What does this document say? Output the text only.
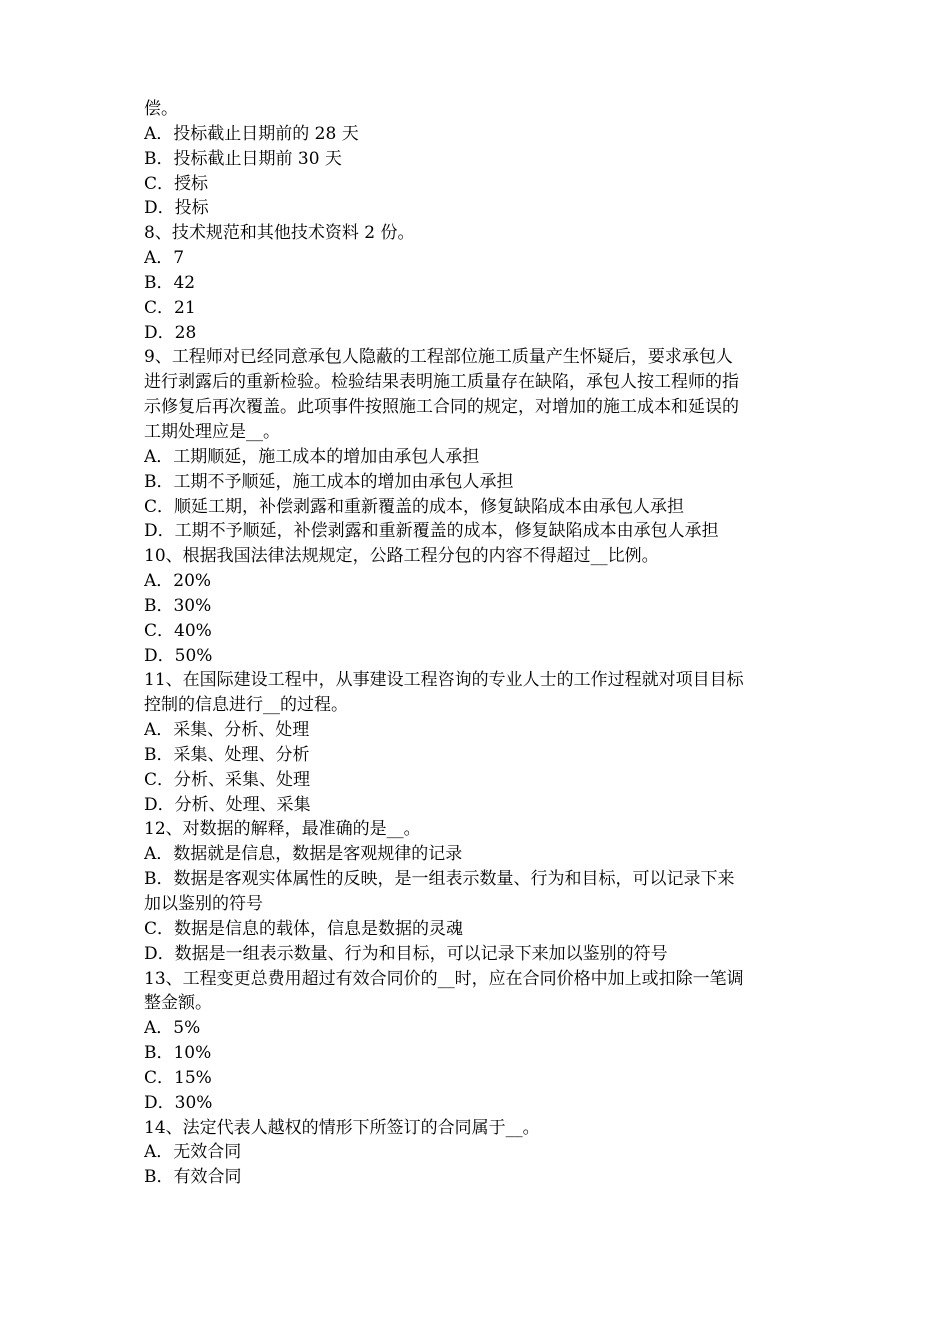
偿。
A．投标截止日期前的 28 天
B．投标截止日期前 30 天
C．授标
D．投标
8、技术规范和其他技术资料 2 份。
A．7
B．42
C．21
D．28
9、工程师对已经同意承包人隐蔽的工程部位施工质量产生怀疑后，要求承包人
进行剥露后的重新检验。检验结果表明施工质量存在缺陷，承包人按工程师的指
示修复后再次覆盖。此项事件按照施工合同的规定，对增加的施工成本和延误的
工期处理应是__。
A．工期顺延，施工成本的增加由承包人承担
B．工期不予顺延，施工成本的增加由承包人承担
C．顺延工期，补偿剥露和重新覆盖的成本，修复缺陷成本由承包人承担
D．工期不予顺延，补偿剥露和重新覆盖的成本，修复缺陷成本由承包人承担
10、根据我国法律法规规定，公路工程分包的内容不得超过__比例。
A．20%
B．30%
C．40%
D．50%
11、在国际建设工程中，从事建设工程咨询的专业人士的工作过程就对项目目标
控制的信息进行__的过程。
A．采集、分析、处理
B．采集、处理、分析
C．分析、采集、处理
D．分析、处理、采集
12、对数据的解释，最准确的是__。
A．数据就是信息，数据是客观规律的记录
B．数据是客观实体属性的反映，是一组表示数量、行为和目标，可以记录下来
加以鉴别的符号
C．数据是信息的载体，信息是数据的灵魂
D．数据是一组表示数量、行为和目标，可以记录下来加以鉴别的符号
13、工程变更总费用超过有效合同价的__时，应在合同价格中加上或扣除一笔调
整金额。
A．5%
B．10%
C．15%
D．30%
14、法定代表人越权的情形下所签订的合同属于__。
A．无效合同
B．有效合同
